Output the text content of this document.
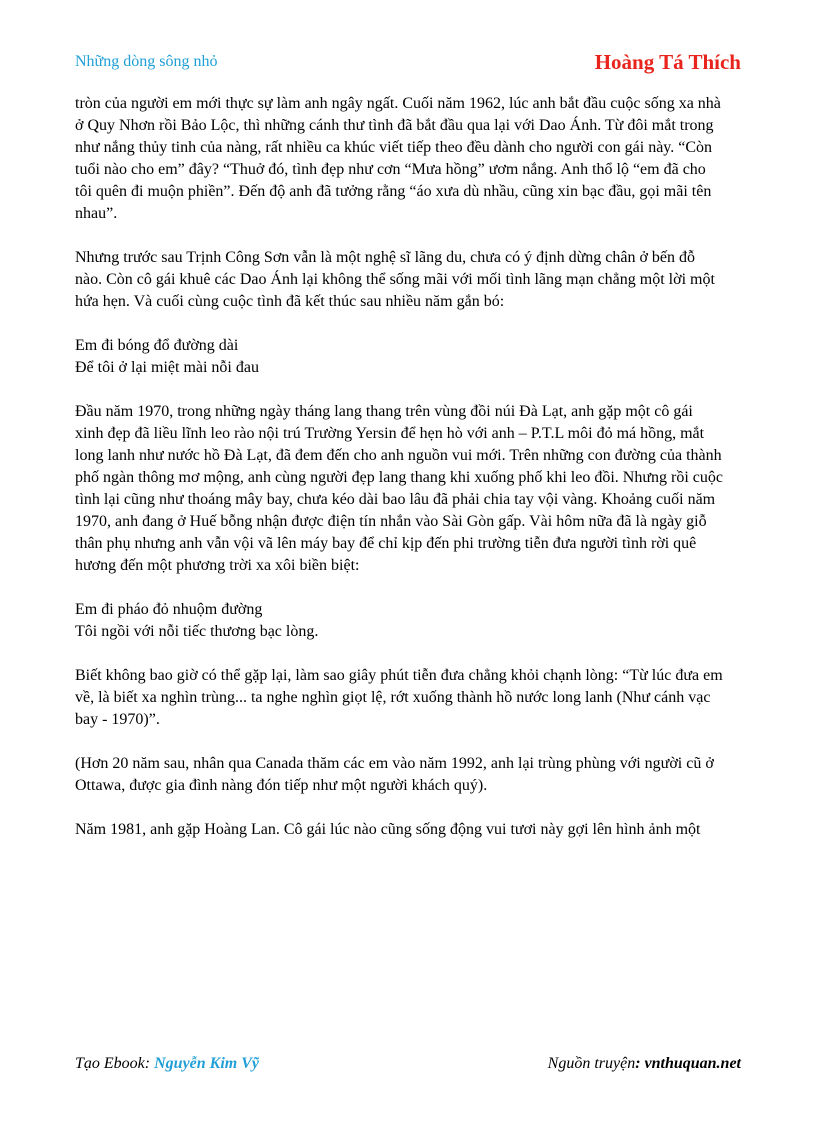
Những dòng sông nhỏ	Hoàng Tá Thích

tròn của người em mới thực sự làm anh ngây ngất. Cuối năm 1962, lúc anh bắt đầu cuộc sống xa nhà
ở Quy Nhơn rồi Bảo Lộc, thì những cánh thư tình đã bắt đầu qua lại với Dao Ánh. Từ đôi mắt trong
như nắng thủy tinh của nàng, rất nhiều ca khúc viết tiếp theo đều dành cho người con gái này. “Còn
tuổi nào cho em” đây? “Thuở đó, tình đẹp như cơn “Mưa hồng” ươm nắng. Anh thổ lộ “em đã cho
tôi quên đi muộn phiền”. Đến độ anh đã tưởng rằng “áo xưa dù nhầu, cũng xin bạc đầu, gọi mãi tên
nhau”.

Nhưng trước sau Trịnh Công Sơn vẫn là một nghệ sĩ lãng du, chưa có ý định dừng chân ở bến đỗ
nào. Còn cô gái khuê các Dao Ánh lại không thể sống mãi với mối tình lãng mạn chẳng một lời một
hứa hẹn. Và cuối cùng cuộc tình đã kết thúc sau nhiều năm gắn bó:

Em đi bóng đổ đường dài
Để tôi ở lại miệt mài nỗi đau

Đầu năm 1970, trong những ngày tháng lang thang trên vùng đồi núi Đà Lạt, anh gặp một cô gái
xinh đẹp đã liều lĩnh leo rào nội trú Trường Yersin để hẹn hò với anh – P.T.L môi đỏ má hồng, mắt
long lanh như nước hồ Đà Lạt, đã đem đến cho anh nguồn vui mới. Trên những con đường của thành
phố ngàn thông mơ mộng, anh cùng người đẹp lang thang khi xuống phố khi leo đồi. Nhưng rồi cuộc
tình lại cũng như thoáng mây bay, chưa kéo dài bao lâu đã phải chia tay vội vàng. Khoảng cuối năm
1970, anh đang ở Huế bỗng nhận được điện tín nhắn vào Sài Gòn gấp. Vài hôm nữa đã là ngày giỗ
thân phụ nhưng anh vẫn vội vã lên máy bay để chỉ kịp đến phi trường tiễn đưa người tình rời quê
hương đến một phương trời xa xôi biền biệt:

Em đi pháo đỏ nhuộm đường
Tôi ngồi với nỗi tiếc thương bạc lòng.

Biết không bao giờ có thể gặp lại, làm sao giây phút tiễn đưa chẳng khỏi chạnh lòng: “Từ lúc đưa em
về, là biết xa nghìn trùng... ta nghe nghìn giọt lệ, rớt xuống thành hồ nước long lanh (Như cánh vạc
bay - 1970)”.

(Hơn 20 năm sau, nhân qua Canada thăm các em vào năm 1992, anh lại trùng phùng với người cũ ở
Ottawa, được gia đình nàng đón tiếp như một người khách quý).

Năm 1981, anh gặp Hoàng Lan. Cô gái lúc nào cũng sống động vui tươi này gợi lên hình ảnh một

Tạo Ebook: Nguyễn Kim Vỹ	Nguồn truyện: vnthuquan.net
